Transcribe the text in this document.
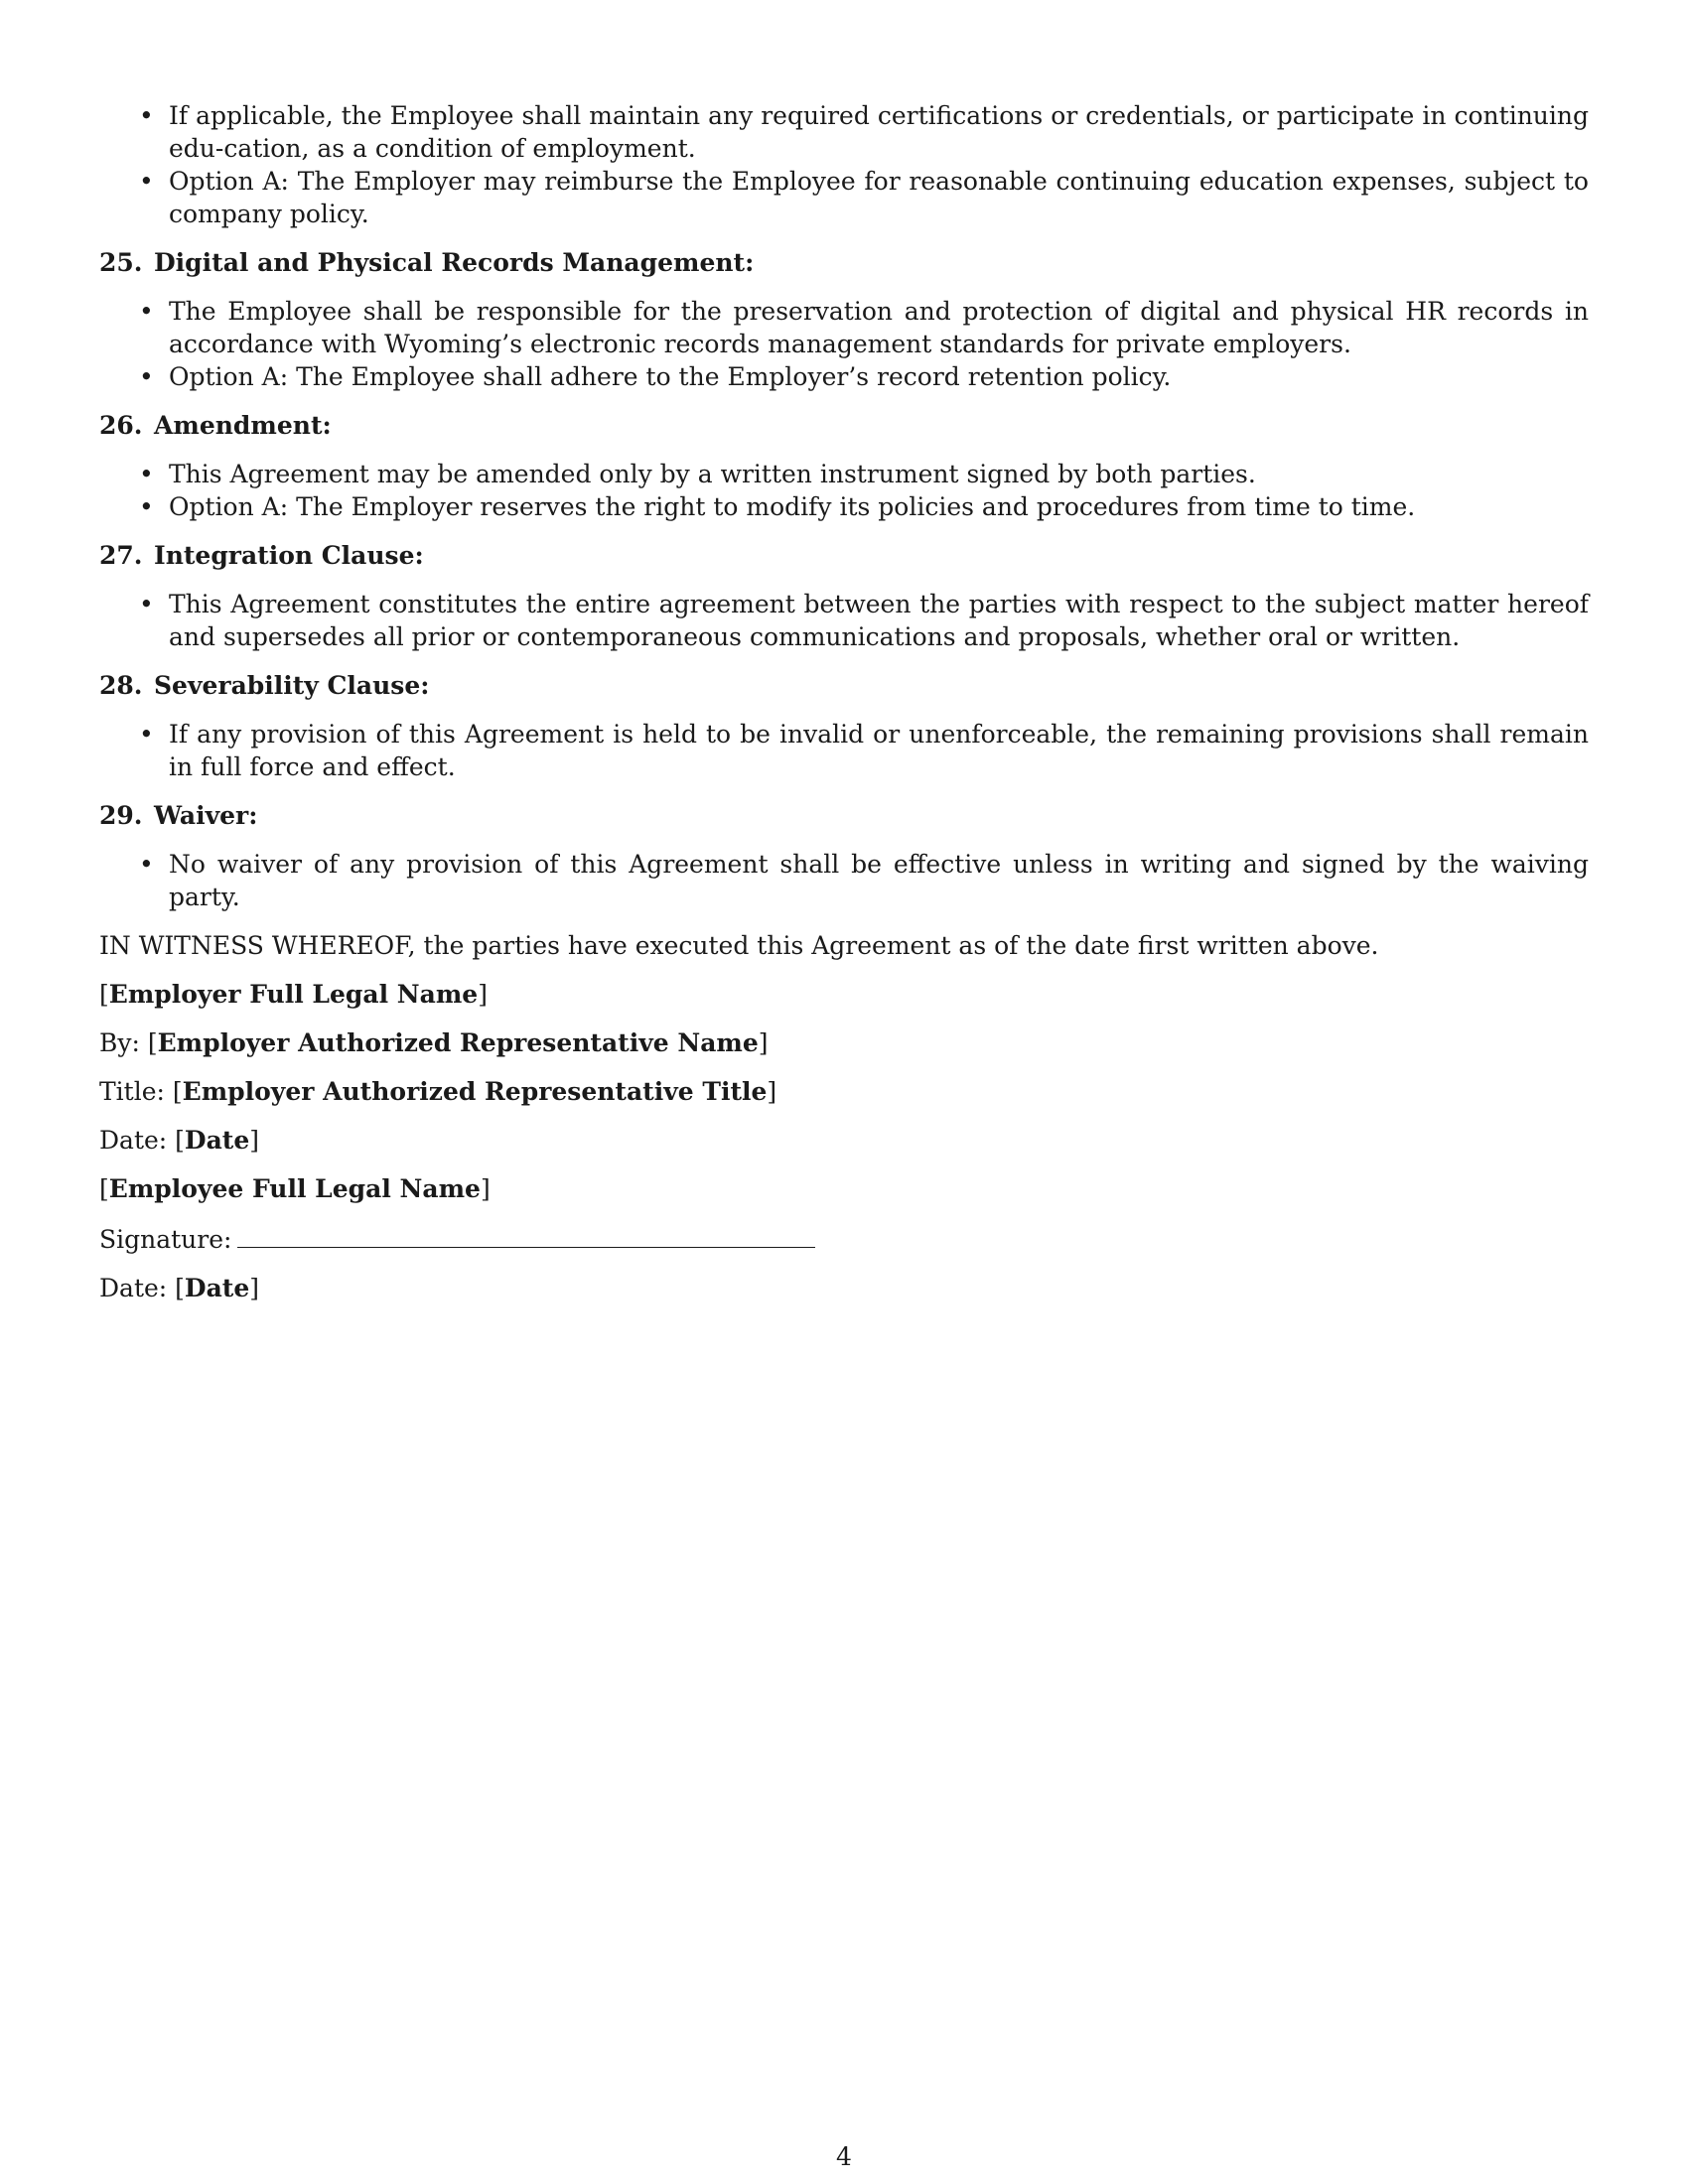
• If applicable, the Employee shall maintain any required certifications or credentials, or participate in continuing edu-cation, as a condition of employment.
• Option A: The Employer may reimburse the Employee for reasonable continuing education expenses, subject to company policy.
25. Digital and Physical Records Management:
• The Employee shall be responsible for the preservation and protection of digital and physical HR records in accordance with Wyoming’s electronic records management standards for private employers.
• Option A: The Employee shall adhere to the Employer’s record retention policy.
26. Amendment:
• This Agreement may be amended only by a written instrument signed by both parties.
• Option A: The Employer reserves the right to modify its policies and procedures from time to time.
27. Integration Clause:
• This Agreement constitutes the entire agreement between the parties with respect to the subject matter hereof and supersedes all prior or contemporaneous communications and proposals, whether oral or written.
28. Severability Clause:
• If any provision of this Agreement is held to be invalid or unenforceable, the remaining provisions shall remain in full force and effect.
29. Waiver:
• No waiver of any provision of this Agreement shall be effective unless in writing and signed by the waiving party.

IN WITNESS WHEREOF, the parties have executed this Agreement as of the date first written above.

[Employer Full Legal Name]
By: [Employer Authorized Representative Name]
Title: [Employer Authorized Representative Title]
Date: [Date]
[Employee Full Legal Name]
Signature:
Date: [Date]
4
